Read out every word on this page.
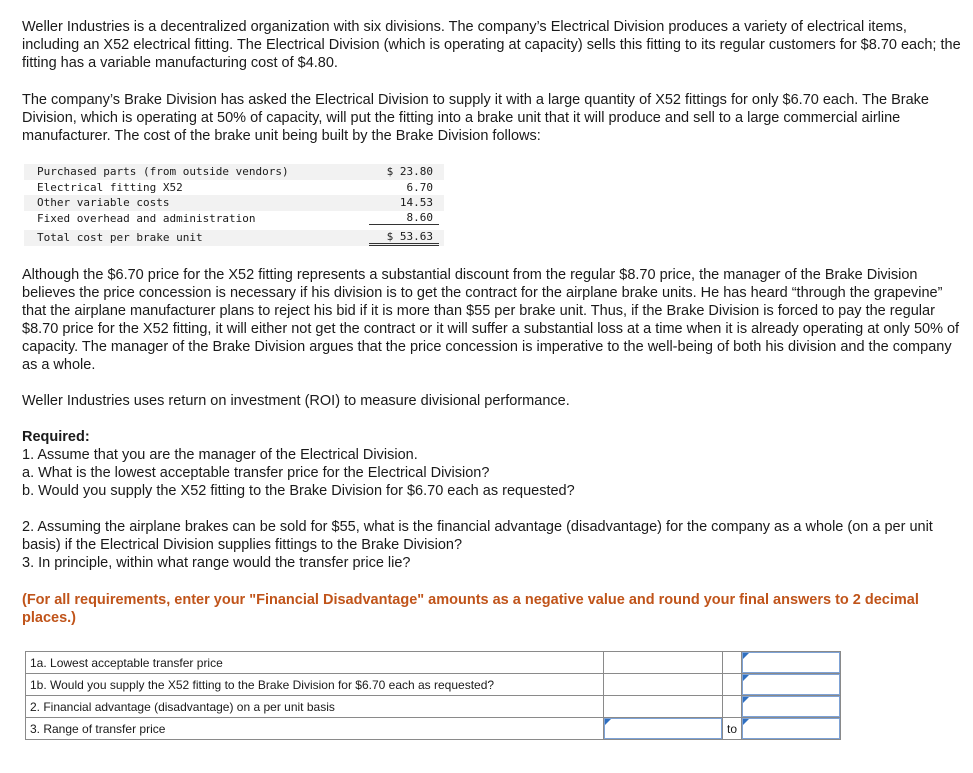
Weller Industries is a decentralized organization with six divisions. The company’s Electrical Division produces a variety of electrical items, including an X52 electrical fitting. The Electrical Division (which is operating at capacity) sells this fitting to its regular customers for $8.70 each; the fitting has a variable manufacturing cost of $4.80.

The company’s Brake Division has asked the Electrical Division to supply it with a large quantity of X52 fittings for only $6.70 each. The Brake Division, which is operating at 50% of capacity, will put the fitting into a brake unit that it will produce and sell to a large commercial airline manufacturer. The cost of the brake unit being built by the Brake Division follows:

Purchased parts (from outside vendors)	$ 23.80
Electrical fitting X52	6.70
Other variable costs	14.53
Fixed overhead and administration	8.60
Total cost per brake unit	$ 53.63

Although the $6.70 price for the X52 fitting represents a substantial discount from the regular $8.70 price, the manager of the Brake Division believes the price concession is necessary if his division is to get the contract for the airplane brake units. He has heard “through the grapevine” that the airplane manufacturer plans to reject his bid if it is more than $55 per brake unit. Thus, if the Brake Division is forced to pay the regular $8.70 price for the X52 fitting, it will either not get the contract or it will suffer a substantial loss at a time when it is already operating at only 50% of capacity. The manager of the Brake Division argues that the price concession is imperative to the well-being of both his division and the company as a whole.

Weller Industries uses return on investment (ROI) to measure divisional performance.

Required:
1. Assume that you are the manager of the Electrical Division.
a. What is the lowest acceptable transfer price for the Electrical Division?
b. Would you supply the X52 fitting to the Brake Division for $6.70 each as requested?
2. Assuming the airplane brakes can be sold for $55, what is the financial advantage (disadvantage) for the company as a whole (on a per unit basis) if the Electrical Division supplies fittings to the Brake Division?
3. In principle, within what range would the transfer price lie?

(For all requirements, enter your "Financial Disadvantage" amounts as a negative value and round your final answers to 2 decimal places.)

1a. Lowest acceptable transfer price			

1b. Would you supply the X52 fitting to the Brake Division for $6.70 each as requested?			

2. Financial advantage (disadvantage) on a per unit basis			

3. Range of transfer price		to	
